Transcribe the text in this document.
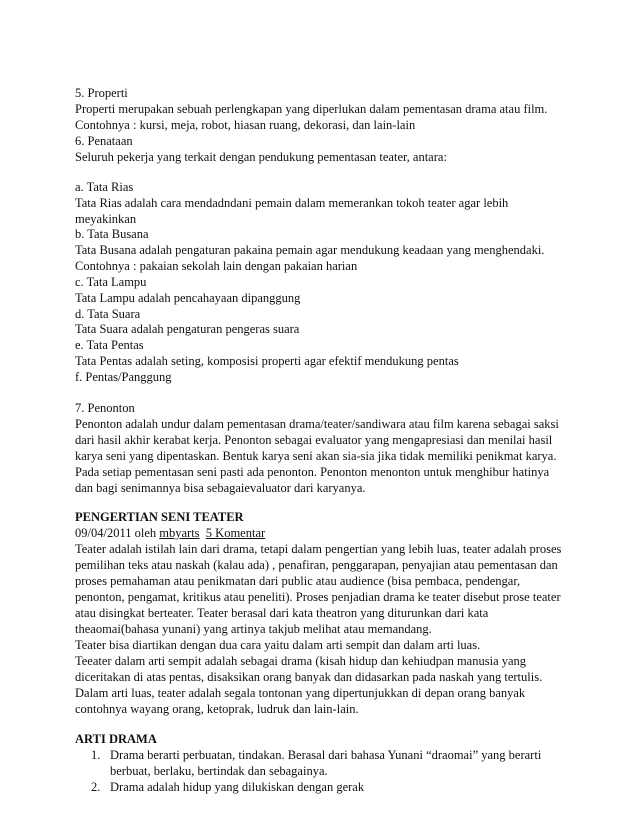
5. Properti
Properti merupakan sebuah perlengkapan yang diperlukan dalam pementasan drama atau film.
Contohnya : kursi, meja, robot, hiasan ruang, dekorasi, dan lain-lain
6. Penataan
Seluruh pekerja yang terkait dengan pendukung pementasan teater, antara:
a. Tata Rias
Tata Rias adalah cara mendadndani pemain dalam memerankan tokoh teater agar lebih
meyakinkan
b. Tata Busana
Tata Busana adalah pengaturan pakaina pemain agar mendukung keadaan yang menghendaki.
Contohnya : pakaian sekolah lain dengan pakaian harian
c. Tata Lampu
Tata Lampu adalah pencahayaan dipanggung
d. Tata Suara
Tata Suara adalah pengaturan pengeras suara
e. Tata Pentas
Tata Pentas adalah seting, komposisi properti agar efektif mendukung pentas
f. Pentas/Panggung
7. Penonton
Penonton adalah undur dalam pementasan drama/teater/sandiwara atau film karena sebagai saksi
dari hasil akhir kerabat kerja. Penonton sebagai evaluator yang mengapresiasi dan menilai hasil
karya seni yang dipentaskan. Bentuk karya seni akan sia-sia jika tidak memiliki penikmat karya.
Pada setiap pementasan seni pasti ada penonton. Penonton menonton untuk menghibur hatinya
dan bagi senimannya bisa sebagaievaluator dari karyanya.
PENGERTIAN SENI TEATER
09/04/2011 oleh mbyarts 5 Komentar
Teater adalah istilah lain dari drama, tetapi dalam pengertian yang lebih luas, teater adalah proses
pemilihan teks atau naskah (kalau ada) , penafiran, penggarapan, penyajian atau pementasan dan
proses pemahaman atau penikmatan dari public atau audience (bisa pembaca, pendengar,
penonton, pengamat, kritikus atau peneliti). Proses penjadian drama ke teater disebut prose teater
atau disingkat berteater. Teater berasal dari kata theatron yang diturunkan dari kata
theaomai(bahasa yunani) yang artinya takjub melihat atau memandang.
Teater bisa diartikan dengan dua cara yaitu dalam arti sempit dan dalam arti luas.
Teeater dalam arti sempit adalah sebagai drama (kisah hidup dan kehiudpan manusia yang
diceritakan di atas pentas, disaksikan orang banyak dan didasarkan pada naskah yang tertulis.
Dalam arti luas, teater adalah segala tontonan yang dipertunjukkan di depan orang banyak
contohnya wayang orang, ketoprak, ludruk dan lain-lain.
ARTI DRAMA
1. Drama berarti perbuatan, tindakan. Berasal dari bahasa Yunani “draomai” yang berarti
berbuat, berlaku, bertindak dan sebagainya.
2. Drama adalah hidup yang dilukiskan dengan gerak
